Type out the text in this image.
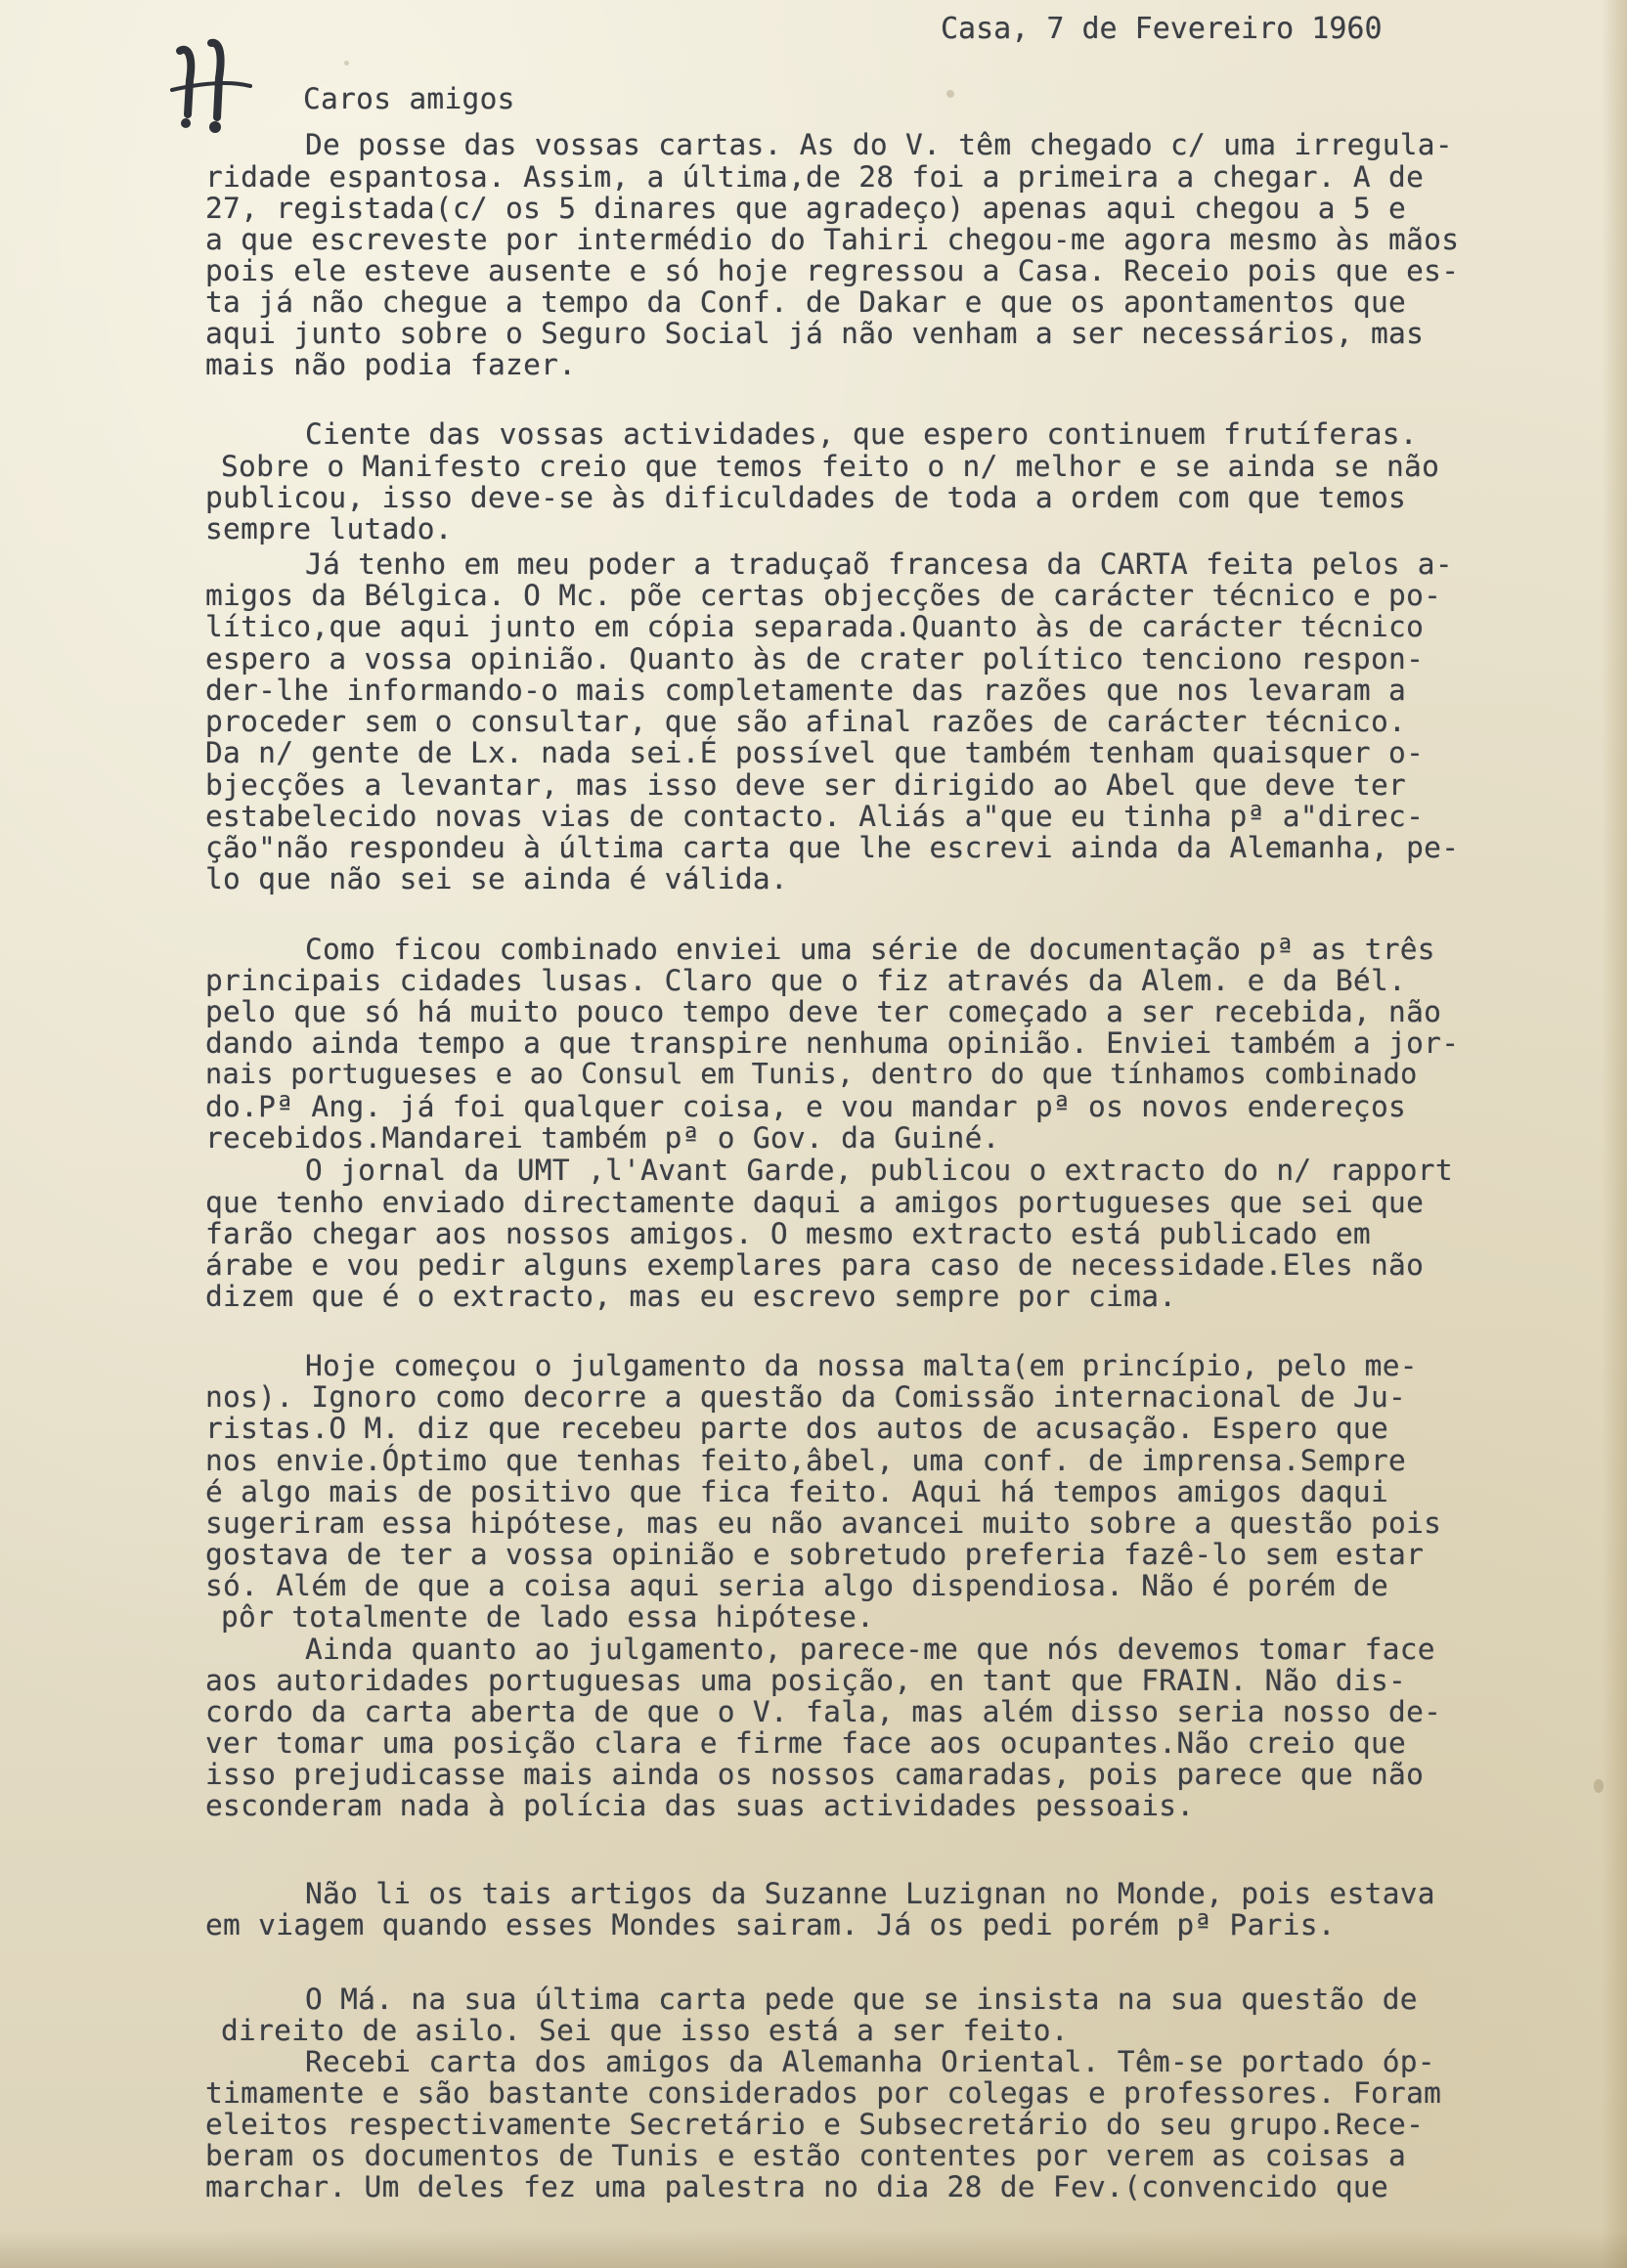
Casa, 7 de Fevereiro 1960
Caros amigos
De posse das vossas cartas. As do V. têm chegado c/ uma irregula-
ridade espantosa. Assim, a última,de 28 foi a primeira a chegar. A de
27, registada(c/ os 5 dinares que agradeço) apenas aqui chegou a 5 e
a que escreveste por intermédio do Tahiri chegou-me agora mesmo às mãos
pois ele esteve ausente e só hoje regressou a Casa. Receio pois que es-
ta já não chegue a tempo da Conf. de Dakar e que os apontamentos que
aqui junto sobre o Seguro Social já não venham a ser necessários, mas
mais não podia fazer.
Ciente das vossas actividades, que espero continuem frutíferas.
Sobre o Manifesto creio que temos feito o n/ melhor e se ainda se não
publicou, isso deve-se às dificuldades de toda a ordem com que temos
sempre lutado.
Já tenho em meu poder a traduçaõ francesa da CARTA feita pelos a-
migos da Bélgica. O Mc. põe certas objecções de carácter técnico e po-
lítico,que aqui junto em cópia separada.Quanto às de carácter técnico
espero a vossa opinião. Quanto às de crater político tenciono respon-
der-lhe informando-o mais completamente das razões que nos levaram a
proceder sem o consultar, que são afinal razões de carácter técnico.
Da n/ gente de Lx. nada sei.É possível que também tenham quaisquer o-
bjecções a levantar, mas isso deve ser dirigido ao Abel que deve ter
estabelecido novas vias de contacto. Aliás a"que eu tinha pª a"direc-
ção"não respondeu à última carta que lhe escrevi ainda da Alemanha, pe-
lo que não sei se ainda é válida.
Como ficou combinado enviei uma série de documentação pª as três
principais cidades lusas. Claro que o fiz através da Alem. e da Bél.
pelo que só há muito pouco tempo deve ter começado a ser recebida, não
dando ainda tempo a que transpire nenhuma opinião. Enviei também a jor-
nais portugueses e ao Consul em Tunis, dentro do que tínhamos combinado
do.Pª Ang. já foi qualquer coisa, e vou mandar pª os novos endereços
recebidos.Mandarei também pª o Gov. da Guiné.
O jornal da UMT ,l'Avant Garde, publicou o extracto do n/ rapport
que tenho enviado directamente daqui a amigos portugueses que sei que
farão chegar aos nossos amigos. O mesmo extracto está publicado em
árabe e vou pedir alguns exemplares para caso de necessidade.Eles não
dizem que é o extracto, mas eu escrevo sempre por cima.
Hoje começou o julgamento da nossa malta(em princípio, pelo me-
nos). Ignoro como decorre a questão da Comissão internacional de Ju-
ristas.O M. diz que recebeu parte dos autos de acusação. Espero que
nos envie.Óptimo que tenhas feito,âbel, uma conf. de imprensa.Sempre
é algo mais de positivo que fica feito. Aqui há tempos amigos daqui
sugeriram essa hipótese, mas eu não avancei muito sobre a questão pois
gostava de ter a vossa opinião e sobretudo preferia fazê-lo sem estar
só. Além de que a coisa aqui seria algo dispendiosa. Não é porém de
pôr totalmente de lado essa hipótese.
Ainda quanto ao julgamento, parece-me que nós devemos tomar face
aos autoridades portuguesas uma posição, en tant que FRAIN. Não dis-
cordo da carta aberta de que o V. fala, mas além disso seria nosso de-
ver tomar uma posição clara e firme face aos ocupantes.Não creio que
isso prejudicasse mais ainda os nossos camaradas, pois parece que não
esconderam nada à polícia das suas actividades pessoais.
Não li os tais artigos da Suzanne Luzignan no Monde, pois estava
em viagem quando esses Mondes sairam. Já os pedi porém pª Paris.
O Má. na sua última carta pede que se insista na sua questão de
direito de asilo. Sei que isso está a ser feito.
Recebi carta dos amigos da Alemanha Oriental. Têm-se portado óp-
timamente e são bastante considerados por colegas e professores. Foram
eleitos respectivamente Secretário e Subsecretário do seu grupo.Rece-
beram os documentos de Tunis e estão contentes por verem as coisas a
marchar. Um deles fez uma palestra no dia 28 de Fev.(convencido que
